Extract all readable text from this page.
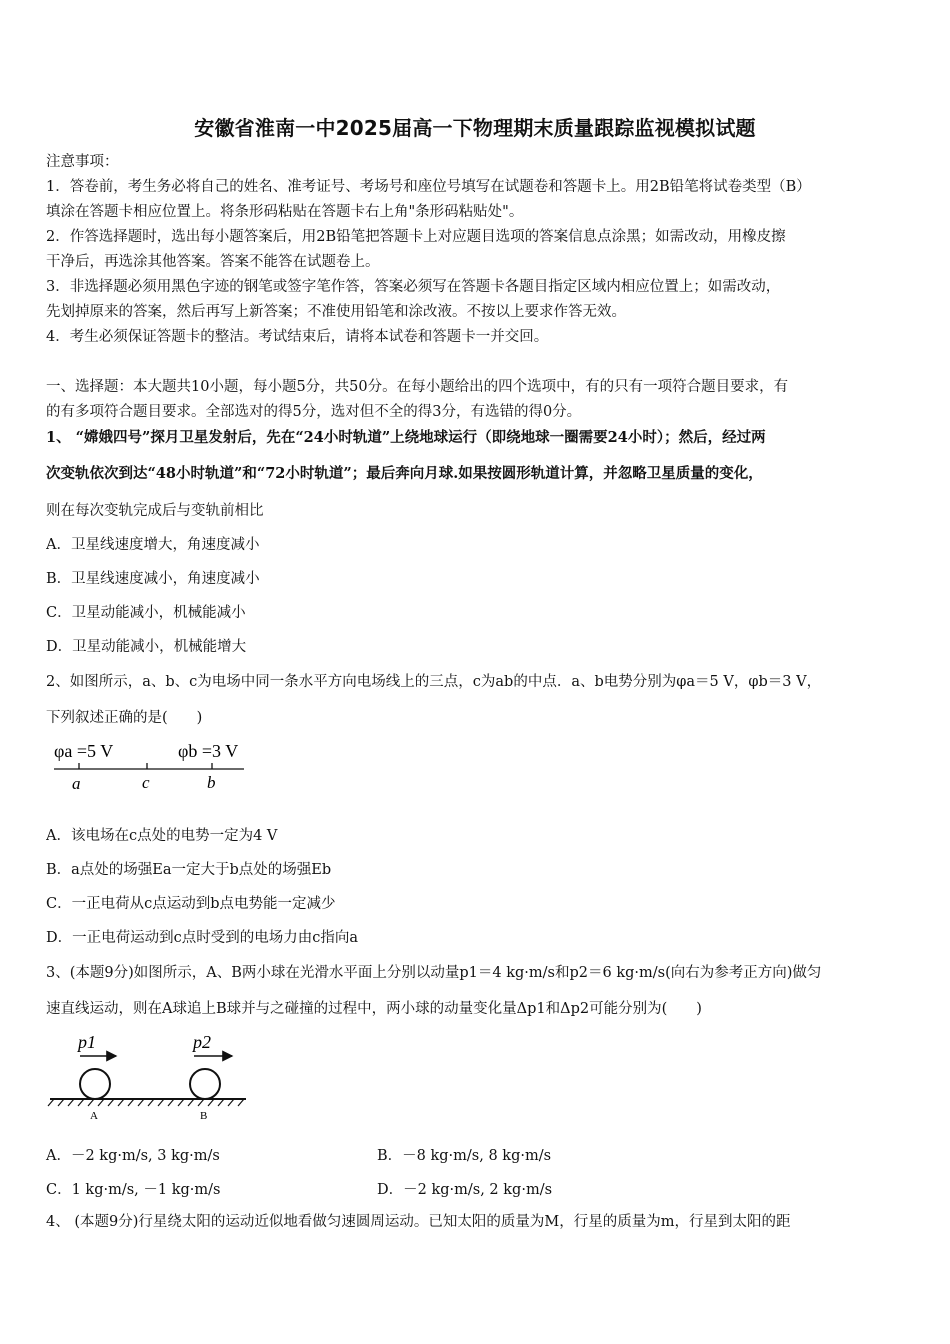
安徽省淮南一中2025届高一下物理期末质量跟踪监视模拟试题
注意事项：
1．答卷前，考生务必将自己的姓名、准考证号、考场号和座位号填写在试题卷和答题卡上。用2B铅笔将试卷类型（B）
填涂在答题卡相应位置上。将条形码粘贴在答题卡右上角"条形码粘贴处"。
2．作答选择题时，选出每小题答案后，用2B铅笔把答题卡上对应题目选项的答案信息点涂黑；如需改动，用橡皮擦
干净后，再选涂其他答案。答案不能答在试题卷上。
3．非选择题必须用黑色字迹的钢笔或签字笔作答，答案必须写在答题卡各题目指定区域内相应位置上；如需改动，
先划掉原来的答案，然后再写上新答案；不准使用铅笔和涂改液。不按以上要求作答无效。
4．考生必须保证答题卡的整洁。考试结束后，请将本试卷和答题卡一并交回。
一、选择题：本大题共10小题，每小题5分，共50分。在每小题给出的四个选项中，有的只有一项符合题目要求，有
的有多项符合题目要求。全部选对的得5分，选对但不全的得3分，有选错的得0分。
1、 “嫦娥四号”探月卫星发射后，先在“24小时轨道”上绕地球运行（即绕地球一圈需要24小时）；然后，经过两
次变轨依次到达“48小时轨道”和“72小时轨道”；最后奔向月球.如果按圆形轨道计算，并忽略卫星质量的变化，
则在每次变轨完成后与变轨前相比
A．卫星线速度增大，角速度减小
B．卫星线速度减小，角速度减小
C．卫星动能减小，机械能减小
D．卫星动能减小，机械能增大
2、如图所示，a、b、c为电场中同一条水平方向电场线上的三点，c为ab的中点．a、b电势分别为φa＝5 V，φb＝3 V，
下列叙述正确的是(　　)
φa =5 V	φb =3 V
a	c	b
A．该电场在c点处的电势一定为4 V
B．a点处的场强Ea一定大于b点处的场强Eb
C．一正电荷从c点运动到b点电势能一定减少
D．一正电荷运动到c点时受到的电场力由c指向a
3、(本题9分)如图所示，A、B两小球在光滑水平面上分别以动量p1＝4 kg·m/s和p2＝6 kg·m/s(向右为参考正方向)做匀
速直线运动，则在A球追上B球并与之碰撞的过程中，两小球的动量变化量Δp1和Δp2可能分别为(　　)
p1	p2
A	B
A．－2 kg·m/s, 3 kg·m/s	B．－8 kg·m/s, 8 kg·m/s
C．1 kg·m/s, －1 kg·m/s	D．－2 kg·m/s, 2 kg·m/s
4、 (本题9分)行星绕太阳的运动近似地看做匀速圆周运动。已知太阳的质量为M，行星的质量为m，行星到太阳的距
